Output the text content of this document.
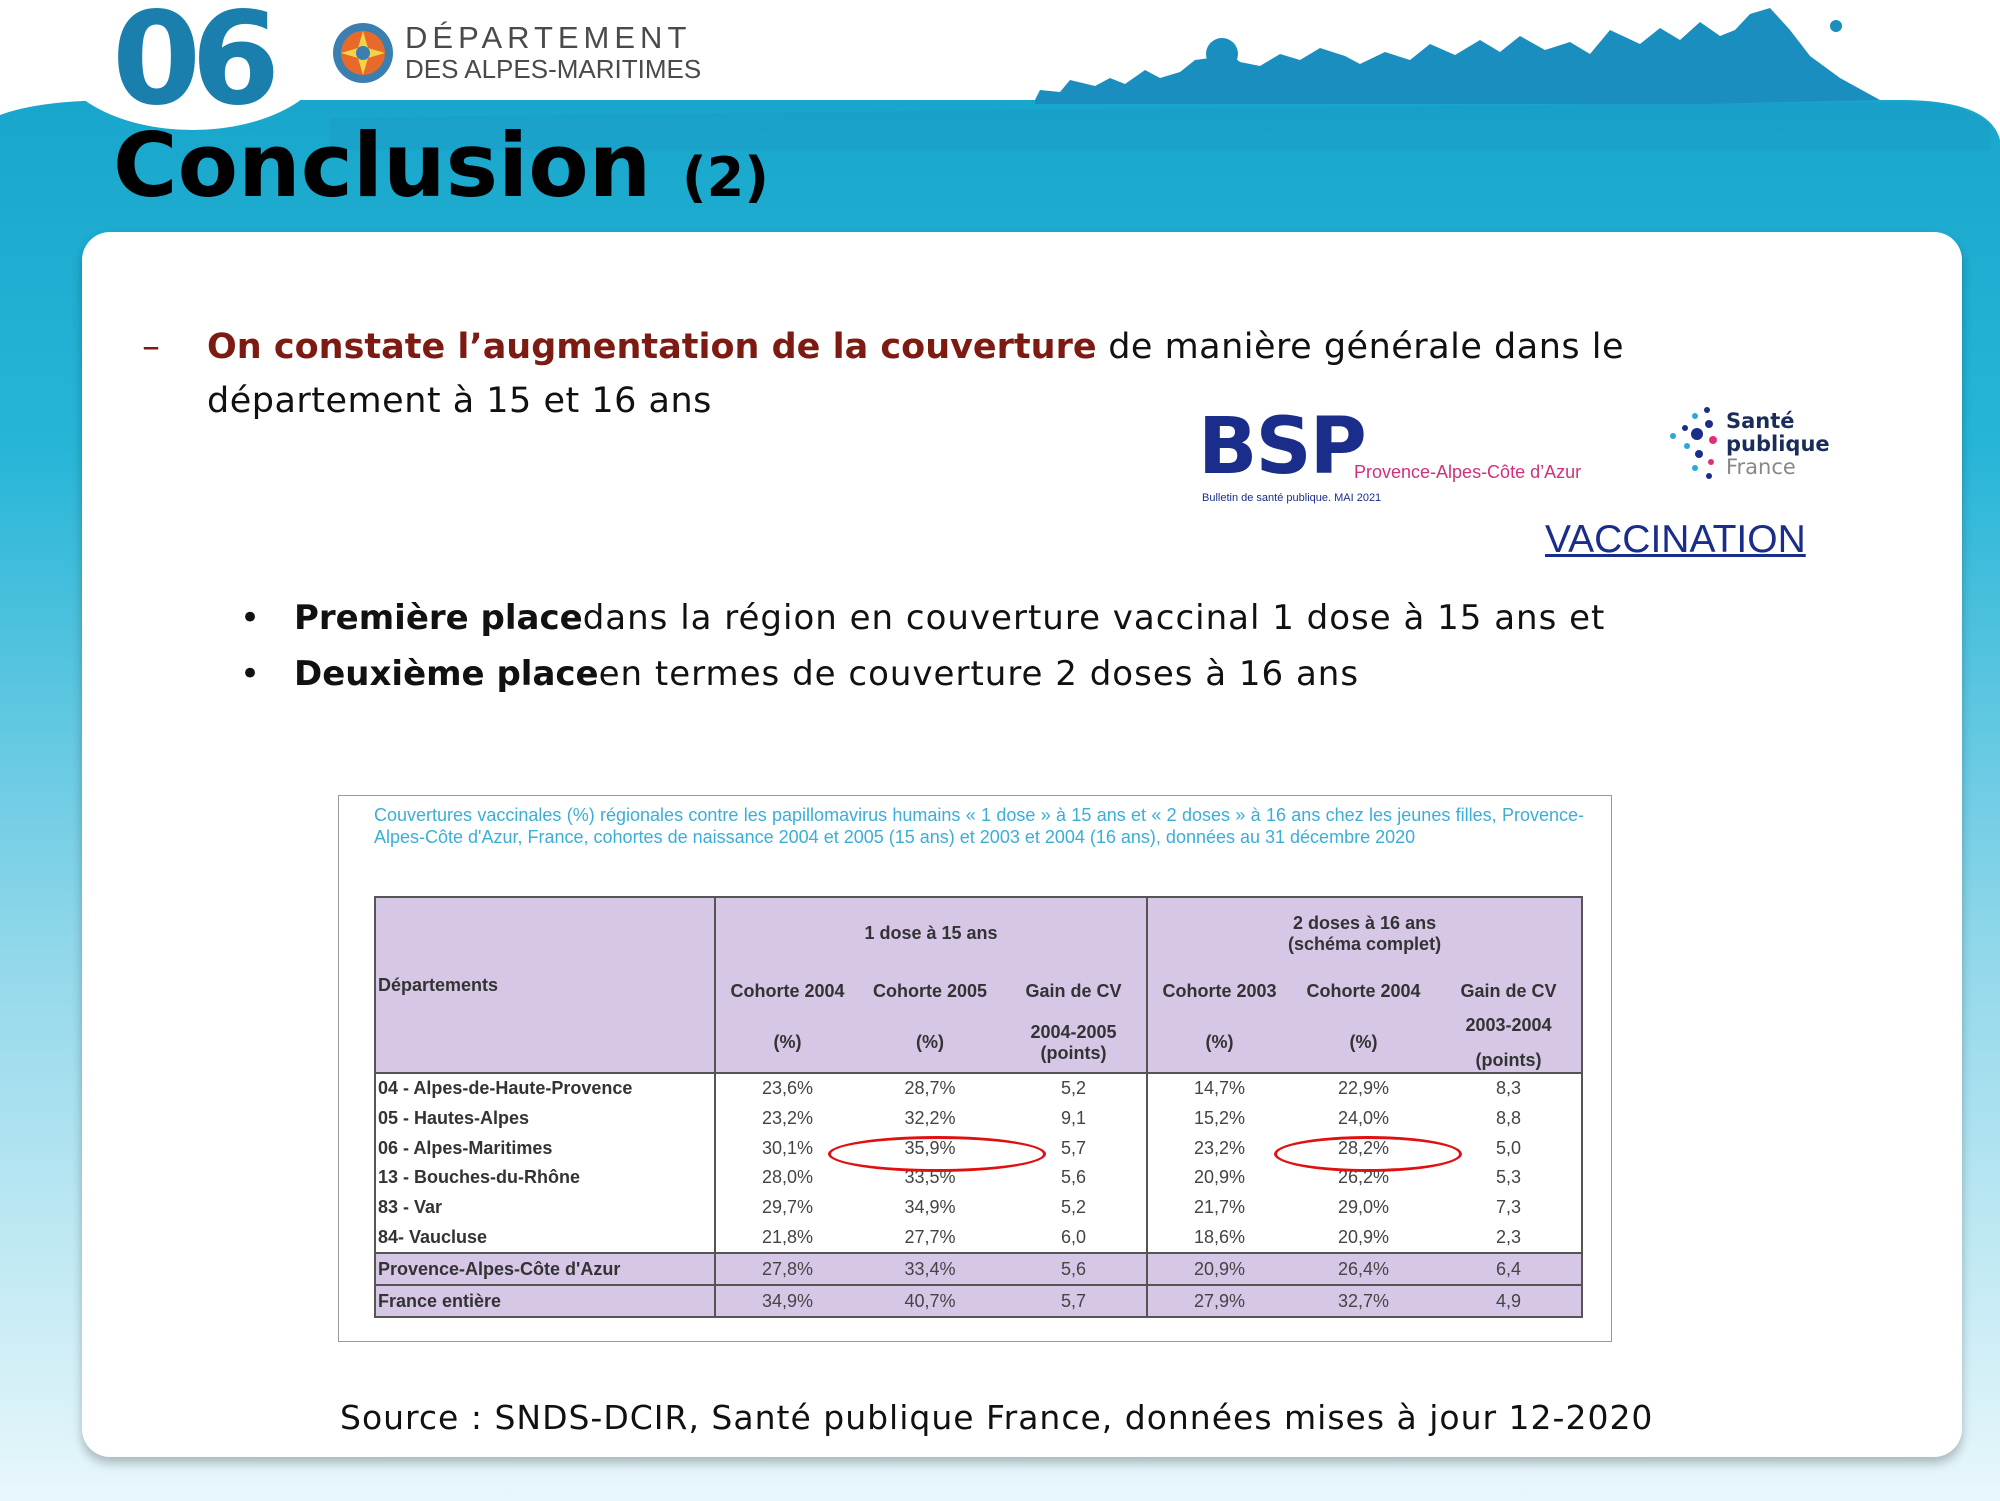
06	DÉPARTEMENT
DES ALPES-MARITIMES
Conclusion (2)
– On constate l’augmentation de la couverture de manière générale dans le département à 15 et 16 ans
BSP
Provence-Alpes-Côte d’Azur
Bulletin de santé publique. MAI 2021
Santé
publique
France
VACCINATION
• Première placedans la région en couverture vaccinal 1 dose à 15 ans et
• Deuxième placeen termes de couverture 2 doses à 16 ans
Couvertures vaccinales (%) régionales contre les papillomavirus humains « 1 dose » à 15 ans et « 2 doses » à 16 ans chez les jeunes filles, Provence-Alpes-Côte d'Azur, France, cohortes de naissance 2004 et 2005 (15 ans) et 2003 et 2004 (16 ans), données au 31 décembre 2020
Départements	1 dose à 15 ans			2 doses à 16 ans
(schéma complet)		

	Cohorte 2004	Cohorte 2005	Gain de CV	Cohorte 2003	Cohorte 2004	Gain de CV
	(%)	(%)	2004-2005 (points)	(%)	(%)	2003-2004
(points)

04 - Alpes-de-Haute-Provence	23,6%	28,7%	5,2	14,7%	22,9%	8,3
05 - Hautes-Alpes	23,2%	32,2%	9,1	15,2%	24,0%	8,8
06 - Alpes-Maritimes	30,1%	35,9%	5,7	23,2%	28,2%	5,0
13 - Bouches-du-Rhône	28,0%	33,5%	5,6	20,9%	26,2%	5,3
83 - Var	29,7%	34,9%	5,2	21,7%	29,0%	7,3
84- Vaucluse	21,8%	27,7%	6,0	18,6%	20,9%	2,3
Provence-Alpes-Côte d'Azur	27,8%	33,4%	5,6	20,9%	26,4%	6,4
France entière	34,9%	40,7%	5,7	27,9%	32,7%	4,9
Source : SNDS-DCIR, Santé publique France, données mises à jour 12-2020
